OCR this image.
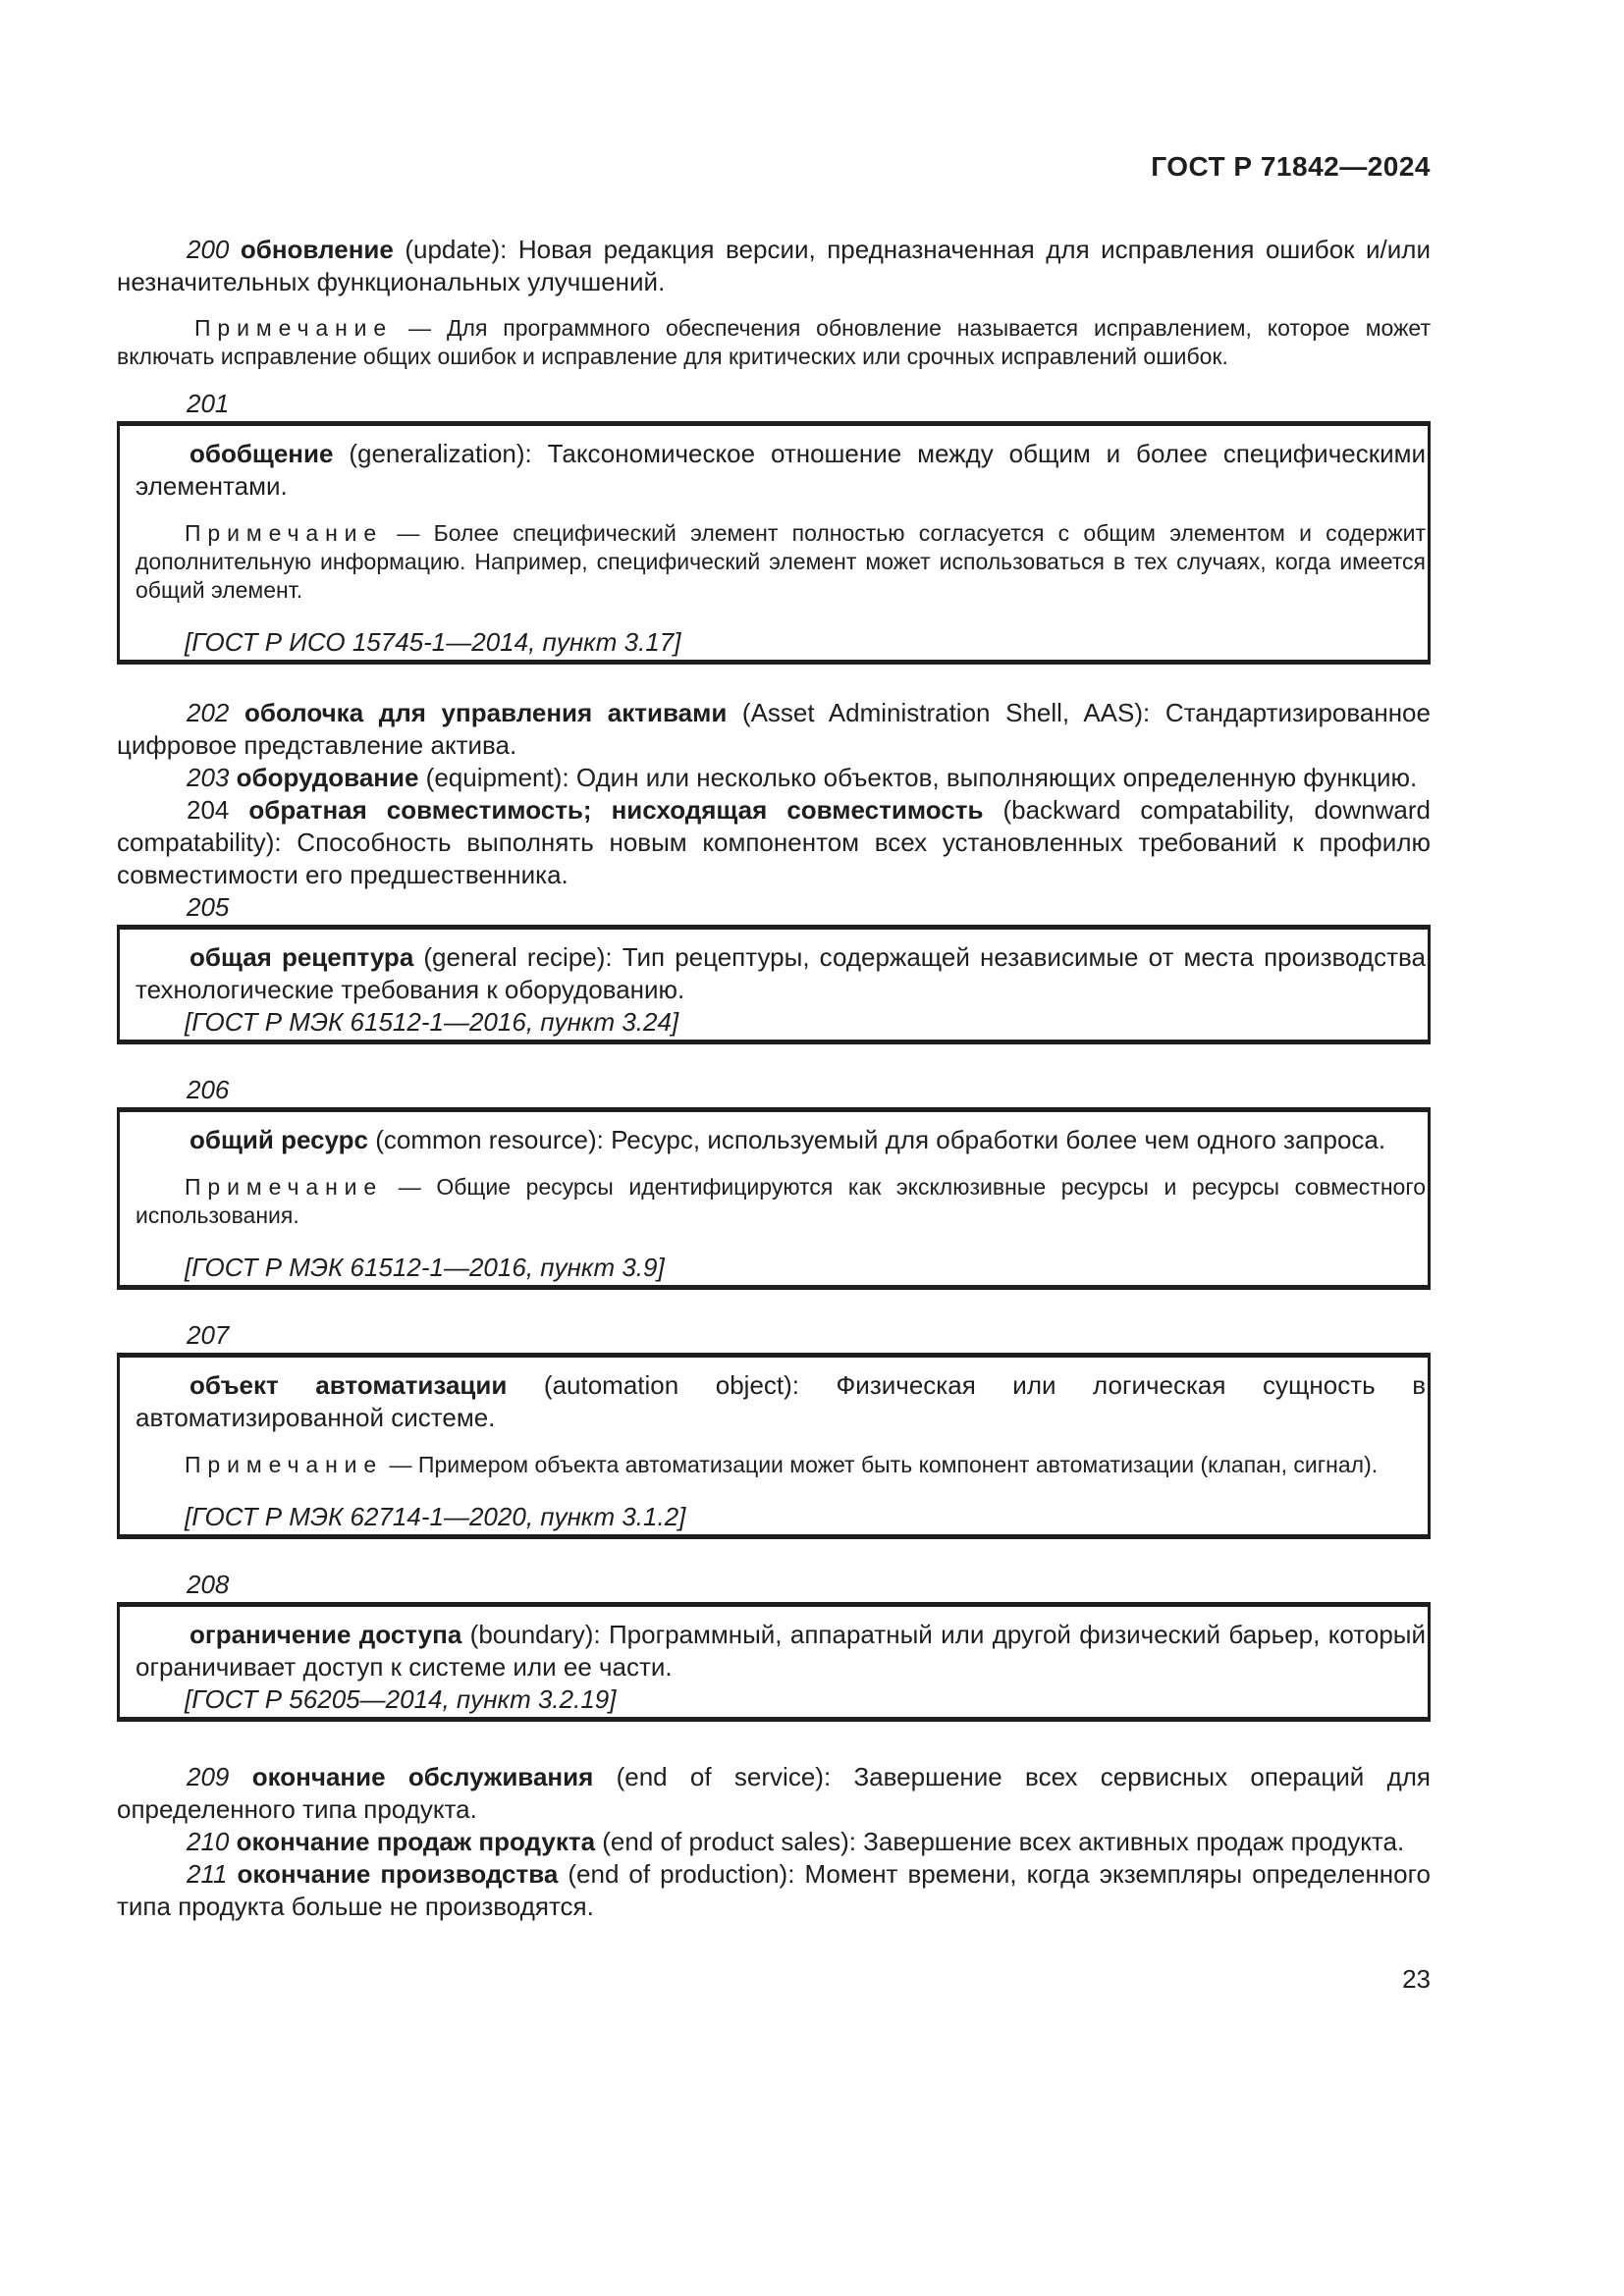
ГОСТ Р 71842—2024

200 обновление (update): Новая редакция версии, предназначенная для исправления ошибок и/или незначительных функциональных улучшений.

Примечание — Для программного обеспечения обновление называется исправлением, которое может включать исправление общих ошибок и исправление для критических или срочных исправлений ошибок.

201

обобщение (generalization): Таксономическое отношение между общим и более специфическими элементами.

Примечание — Более специфический элемент полностью согласуется с общим элементом и содержит дополнительную информацию. Например, специфический элемент может использоваться в тех случаях, когда имеется общий элемент.

[ГОСТ Р ИСО 15745-1—2014, пункт 3.17]

202 оболочка для управления активами (Asset Administration Shell, AAS): Стандартизированное цифровое представление актива.

203 оборудование (equipment): Один или несколько объектов, выполняющих определенную функцию.

204 обратная совместимость; нисходящая совместимость (backward compatability, downward compatability): Способность выполнять новым компонентом всех установленных требований к профилю совместимости его предшественника.

205

общая рецептура (general recipe): Тип рецептуры, содержащей независимые от места производства технологические требования к оборудованию.

[ГОСТ Р МЭК 61512-1—2016, пункт 3.24]

206

общий ресурс (common resource): Ресурс, используемый для обработки более чем одного запроса.

Примечание — Общие ресурсы идентифицируются как эксклюзивные ресурсы и ресурсы совместного использования.

[ГОСТ Р МЭК 61512-1—2016, пункт 3.9]

207

объект автоматизации (automation object): Физическая или логическая сущность в автоматизированной системе.

Примечание — Примером объекта автоматизации может быть компонент автоматизации (клапан, сигнал).

[ГОСТ Р МЭК 62714-1—2020, пункт 3.1.2]

208

ограничение доступа (boundary): Программный, аппаратный или другой физический барьер, который ограничивает доступ к системе или ее части.

[ГОСТ Р 56205—2014, пункт 3.2.19]

209 окончание обслуживания (end of service): Завершение всех сервисных операций для определенного типа продукта.

210 окончание продаж продукта (end of product sales): Завершение всех активных продаж продукта.

211 окончание производства (end of production): Момент времени, когда экземпляры определенного типа продукта больше не производятся.

23
